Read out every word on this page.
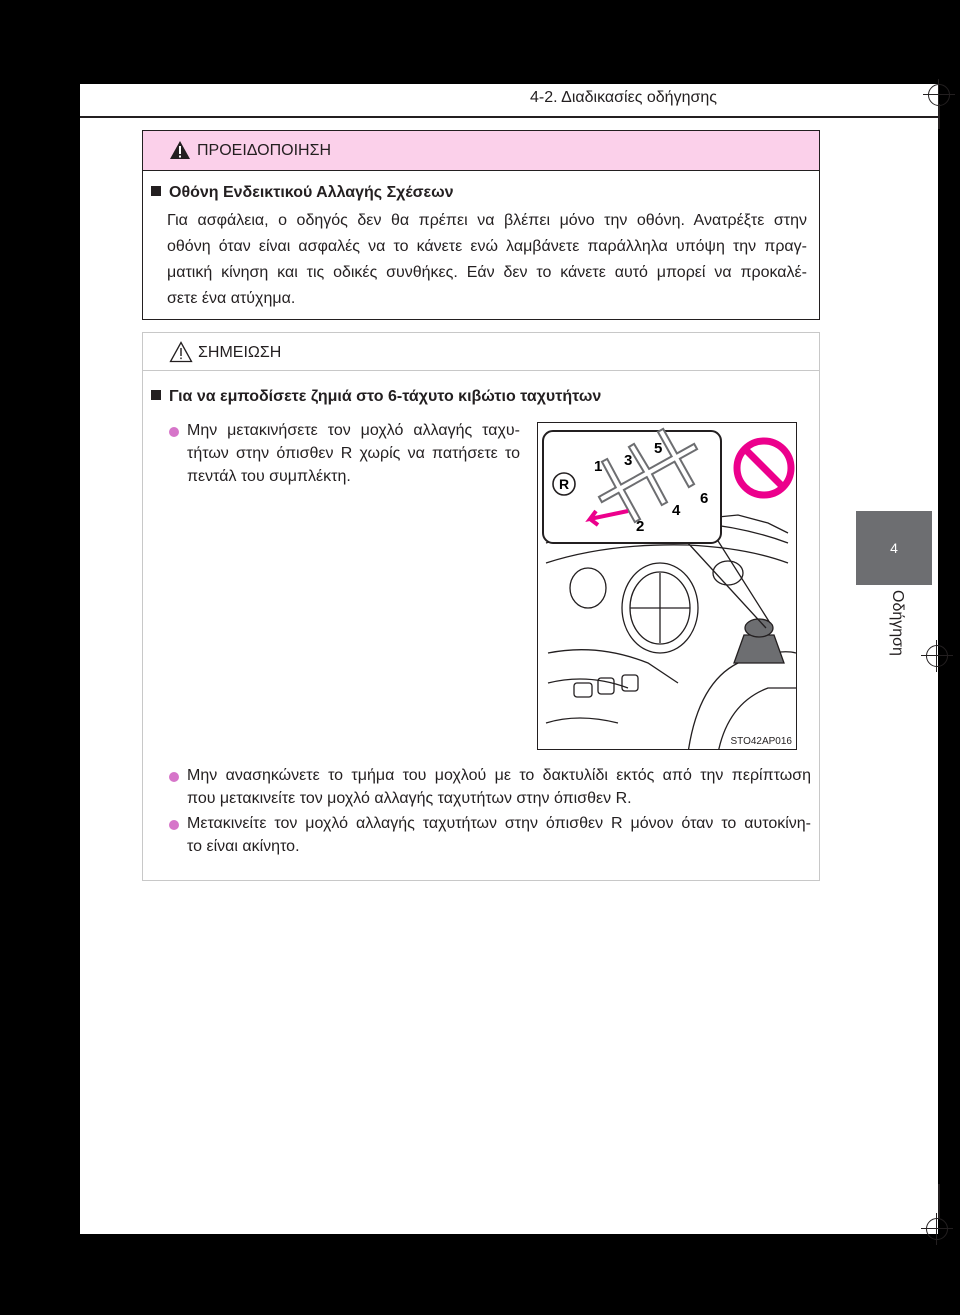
4-2. Διαδικασίες οδήγησης
4
Οδήγηση
ΠΡΟΕΙΔΟΠΟΙΗΣΗ
Οθόνη Ενδεικτικού Αλλαγής Σχέσεων
Για ασφάλεια, ο οδηγός δεν θα πρέπει να βλέπει μόνο την οθόνη. Ανατρέξτε στην
οθόνη όταν είναι ασφαλές να το κάνετε ενώ λαμβάνετε παράλληλα υπόψη την πραγ-
ματική κίνηση και τις οδικές συνθήκες. Εάν δεν το κάνετε αυτό μπορεί να προκαλέ-
σετε ένα ατύχημα.
ΣΗΜΕΙΩΣΗ
Για να εμποδίσετε ζημιά στο 6-τάχυτο κιβώτιο ταχυτήτων
Μην μετακινήσετε τον μοχλό αλλαγής ταχυ-
τήτων στην όπισθεν R χωρίς να πατήσετε το
πεντάλ του συμπλέκτη.
Μην ανασηκώνετε το τμήμα του μοχλού με το δακτυλίδι εκτός από την περίπτωση
που μετακινείτε τον μοχλό αλλαγής ταχυτήτων στην όπισθεν R.
Μετακινείτε τον μοχλό αλλαγής ταχυτήτων στην όπισθεν R μόνον όταν το αυτοκίνη-
το είναι ακίνητο.
R
1
2
3
4
5
6
STO42AP016
